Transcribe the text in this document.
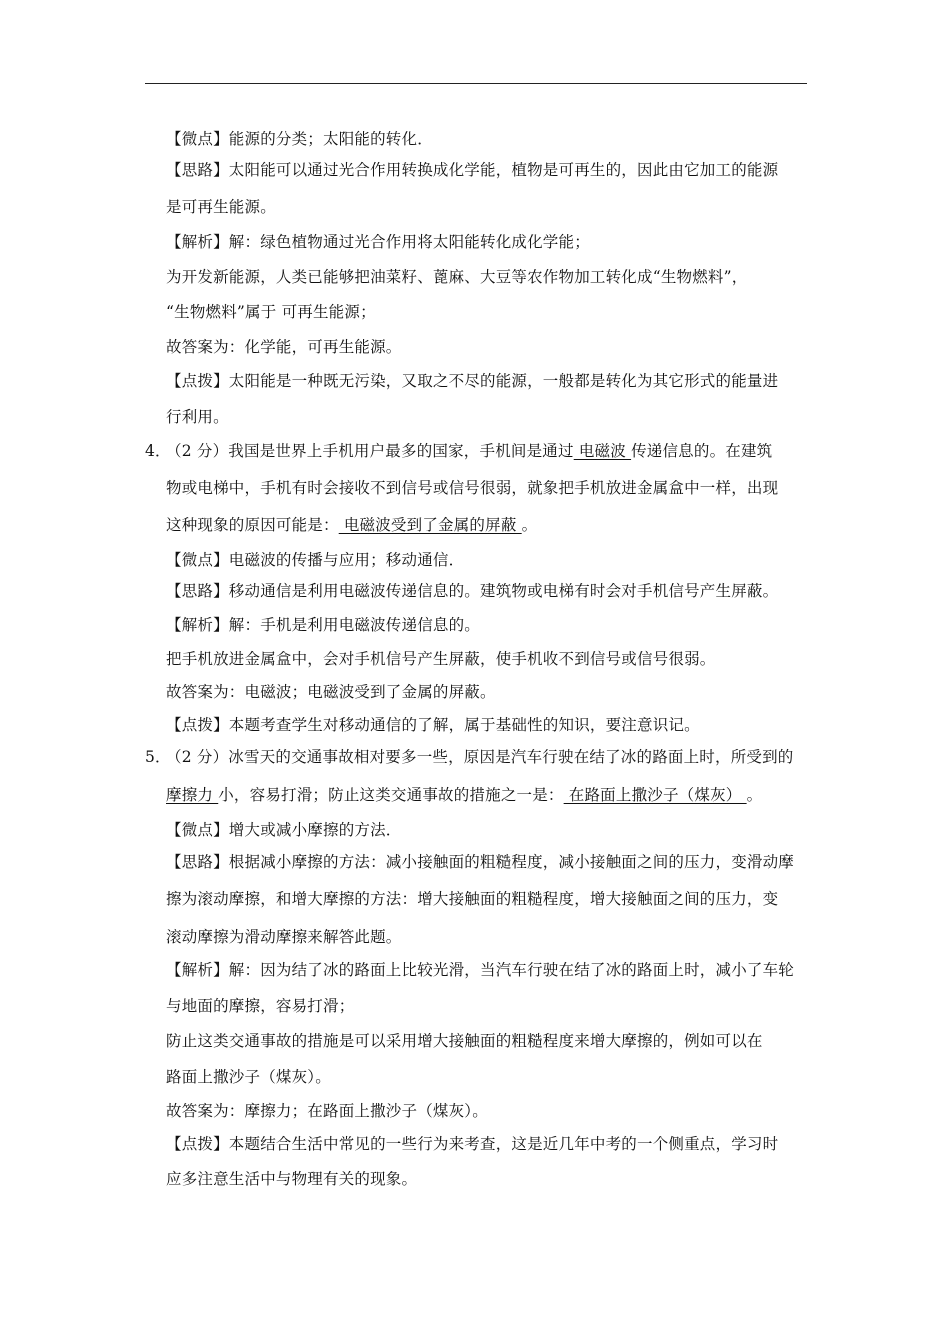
【微点】能源的分类；太阳能的转化．
【思路】太阳能可以通过光合作用转换成化学能，植物是可再生的，因此由它加工的能源
是可再生能源。
【解析】解：绿色植物通过光合作用将太阳能转化成化学能；
为开发新能源，人类已能够把油菜籽、蓖麻、大豆等农作物加工转化成“生物燃料”，
“生物燃料”属于 可再生能源；
故答案为：化学能，可再生能源。
【点拨】太阳能是一种既无污染，又取之不尽的能源，一般都是转化为其它形式的能量进
行利用。
4．
（2 分）我国是世界上手机用户最多的国家，手机间是通过 电磁波 传递信息的。在建筑
物或电梯中，手机有时会接收不到信号或信号很弱，就象把手机放进金属盒中一样，出现
这种现象的原因可能是： 电磁波受到了金属的屏蔽 。
【微点】电磁波的传播与应用；移动通信．
【思路】移动通信是利用电磁波传递信息的。建筑物或电梯有时会对手机信号产生屏蔽。
【解析】解：手机是利用电磁波传递信息的。
把手机放进金属盒中，会对手机信号产生屏蔽，使手机收不到信号或信号很弱。
故答案为：电磁波；电磁波受到了金属的屏蔽。
【点拨】本题考查学生对移动通信的了解，属于基础性的知识，要注意识记。
5．
（2 分）冰雪天的交通事故相对要多一些，原因是汽车行驶在结了冰的路面上时，所受到的
摩擦力 小，容易打滑；防止这类交通事故的措施之一是： 在路面上撒沙子（煤灰） 。
【微点】增大或减小摩擦的方法．
【思路】根据减小摩擦的方法：减小接触面的粗糙程度，减小接触面之间的压力，变滑动摩
擦为滚动摩擦，和增大摩擦的方法：增大接触面的粗糙程度，增大接触面之间的压力，变
滚动摩擦为滑动摩擦来解答此题。
【解析】解：因为结了冰的路面上比较光滑，当汽车行驶在结了冰的路面上时，减小了车轮
与地面的摩擦，容易打滑；
防止这类交通事故的措施是可以采用增大接触面的粗糙程度来增大摩擦的，例如可以在
路面上撒沙子（煤灰）。
故答案为：摩擦力；在路面上撒沙子（煤灰）。
【点拨】本题结合生活中常见的一些行为来考查，这是近几年中考的一个侧重点，学习时
应多注意生活中与物理有关的现象。
